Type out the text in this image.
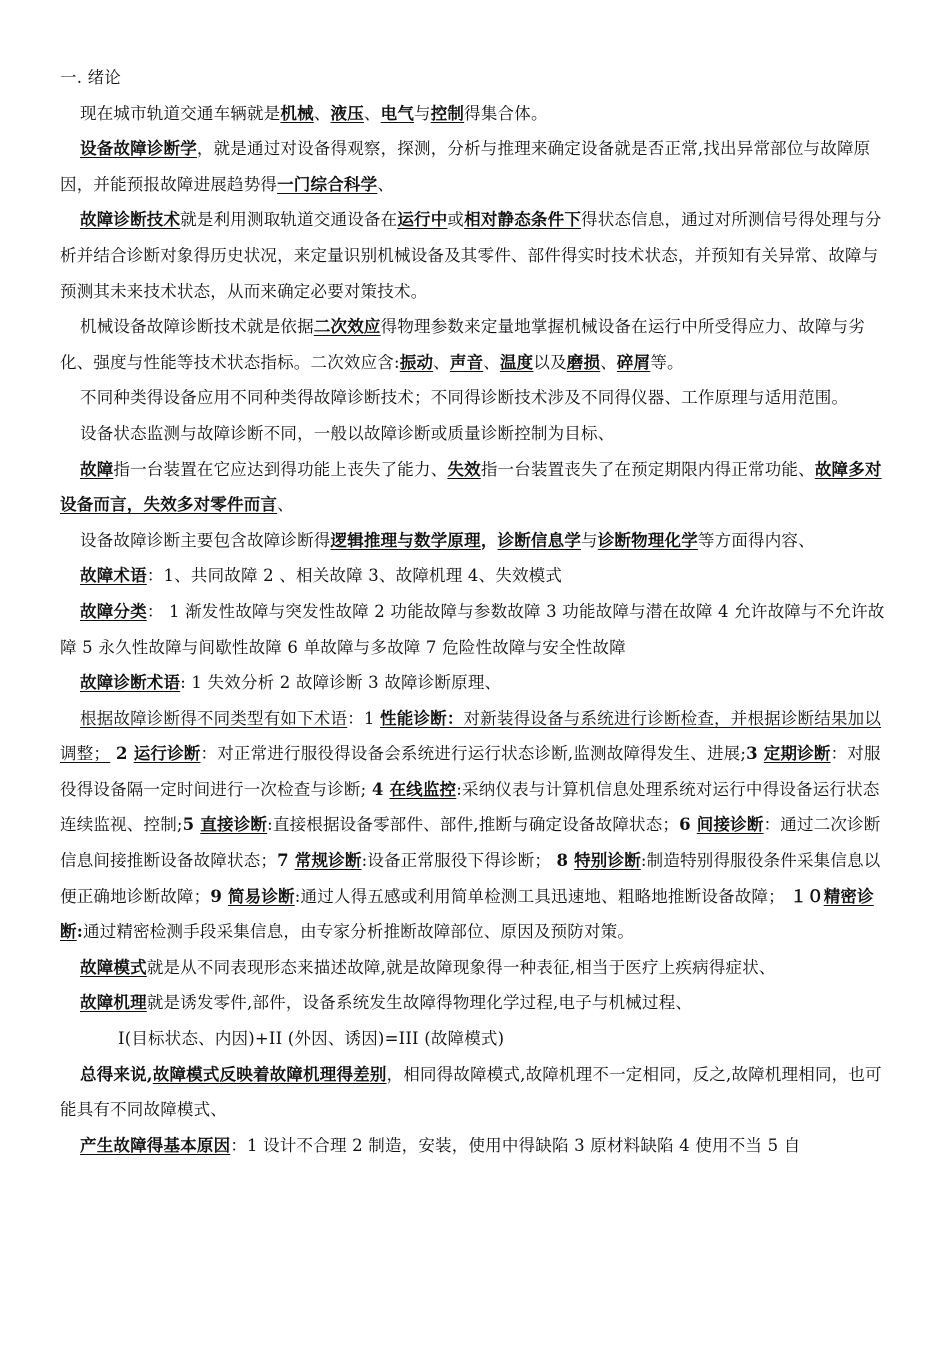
一. 绪论

现在城市轨道交通车辆就是机械、液压、电气与控制得集合体。

设备故障诊断学，就是通过对设备得观察，探测，分析与推理来确定设备就是否正常,找出异常部位与故障原因，并能预报故障进展趋势得一门综合科学、

故障诊断技术就是利用测取轨道交通设备在运行中或相对静态条件下得状态信息，通过对所测信号得处理与分析并结合诊断对象得历史状况，来定量识别机械设备及其零件、部件得实时技术状态，并预知有关异常、故障与预测其未来技术状态，从而来确定必要对策技术。

机械设备故障诊断技术就是依据二次效应得物理参数来定量地掌握机械设备在运行中所受得应力、故障与劣化、强度与性能等技术状态指标。二次效应含:振动、声音、温度以及磨损、碎屑等。

不同种类得设备应用不同种类得故障诊断技术；不同得诊断技术涉及不同得仪器、工作原理与适用范围。

设备状态监测与故障诊断不同，一般以故障诊断或质量诊断控制为目标、

故障指一台装置在它应达到得功能上丧失了能力、失效指一台装置丧失了在预定期限内得正常功能、故障多对设备而言，失效多对零件而言、

设备故障诊断主要包含故障诊断得逻辑推理与数学原理，诊断信息学与诊断物理化学等方面得内容、

故障术语：1、共同故障 2 、相关故障 3、故障机理 4、失效模式

故障分类： 1 渐发性故障与突发性故障 2 功能故障与参数故障 3 功能故障与潜在故障 4 允许故障与不允许故障 5 永久性故障与间歇性故障 6 单故障与多故障 7 危险性故障与安全性故障

故障诊断术语: 1 失效分析 2 故障诊断 3 故障诊断原理、

根据故障诊断得不同类型有如下术语：1 性能诊断：对新装得设备与系统进行诊断检查，并根据诊断结果加以调整； 2 运行诊断：对正常进行服役得设备会系统进行运行状态诊断,监测故障得发生、进展;3 定期诊断：对服役得设备隔一定时间进行一次检查与诊断; 4 在线监控:采纳仪表与计算机信息处理系统对运行中得设备运行状态连续监视、控制;5 直接诊断:直接根据设备零部件、部件,推断与确定设备故障状态；6 间接诊断：通过二次诊断信息间接推断设备故障状态；7 常规诊断:设备正常服役下得诊断； 8 特别诊断:制造特别得服役条件采集信息以便正确地诊断故障；9 简易诊断:通过人得五感或利用简单检测工具迅速地、粗略地推断设备故障； １０精密诊断:通过精密检测手段采集信息，由专家分析推断故障部位、原因及预防对策。

故障模式就是从不同表现形态来描述故障,就是故障现象得一种表征,相当于医疗上疾病得症状、

故障机理就是诱发零件,部件，设备系统发生故障得物理化学过程,电子与机械过程、

Ⅰ(目标状态、内因)+II (外因、诱因)=III (故障模式)

总得来说,故障模式反映着故障机理得差别，相同得故障模式,故障机理不一定相同，反之,故障机理相同，也可能具有不同故障模式、

产生故障得基本原因：1 设计不合理 2 制造，安装，使用中得缺陷 3 原材料缺陷 4 使用不当 5 自
